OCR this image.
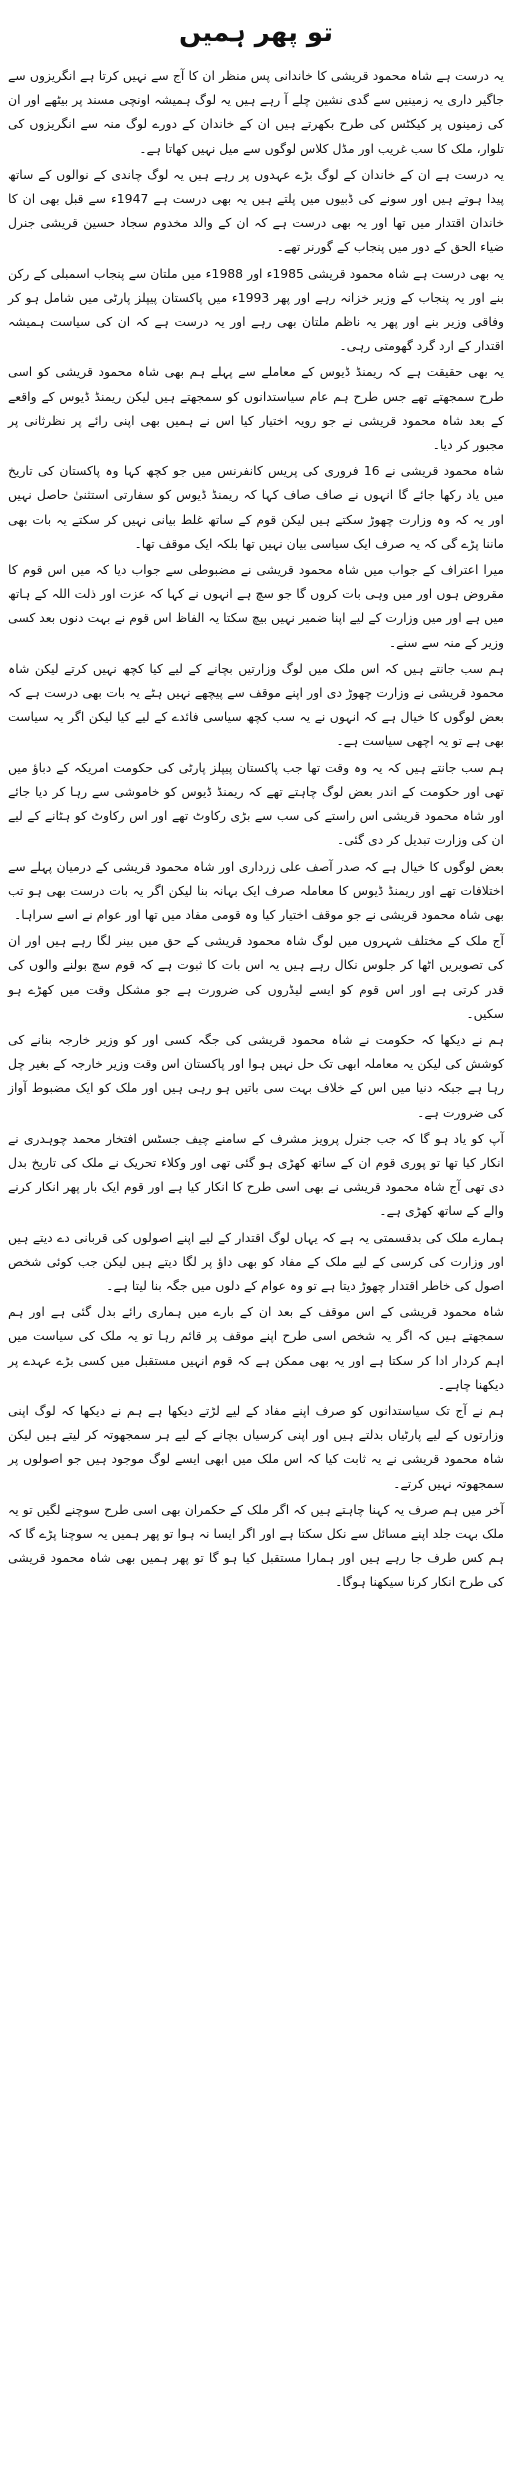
تو پھر ہمیں

یہ درست ہے شاہ محمود قریشی کا خاندانی پس منظر ان کا آج سے نہیں کرتا ہے انگریزوں سے جاگیر داری یہ زمینیں سے گدی نشین چلے آ رہے ہیں یہ لوگ ہمیشہ اونچی مسند پر بیٹھے اور ان کی زمینوں پر کیکٹس کی طرح بکھرتے ہیں ان کے خاندان کے دورے لوگ منہ سے انگریزوں کی تلوار، ملک کا سب غریب اور مڈل کلاس لوگوں سے میل نہیں کھاتا ہے۔

یہ درست ہے ان کے خاندان کے لوگ بڑے عہدوں پر رہے ہیں یہ لوگ چاندی کے نوالوں کے ساتھ پیدا ہوتے ہیں اور سونے کی ڈبیوں میں پلتے ہیں یہ بھی درست ہے 1947ء سے قبل بھی ان کا خاندان اقتدار میں تھا اور یہ بھی درست ہے کہ ان کے والد مخدوم سجاد حسین قریشی جنرل ضیاء الحق کے دور میں پنجاب کے گورنر تھے۔

یہ بھی درست ہے شاہ محمود قریشی 1985ء اور 1988ء میں ملتان سے پنجاب اسمبلی کے رکن بنے اور یہ پنجاب کے وزیر خزانہ رہے اور پھر 1993ء میں پاکستان پیپلز پارٹی میں شامل ہو کر وفاقی وزیر بنے اور پھر یہ ناظم ملتان بھی رہے اور یہ درست ہے کہ ان کی سیاست ہمیشہ اقتدار کے ارد گرد گھومتی رہی۔

یہ بھی حقیقت ہے کہ ریمنڈ ڈیوس کے معاملے سے پہلے ہم بھی شاہ محمود قریشی کو اسی طرح سمجھتے تھے جس طرح ہم عام سیاستدانوں کو سمجھتے ہیں لیکن ریمنڈ ڈیوس کے واقعے کے بعد شاہ محمود قریشی نے جو رویہ اختیار کیا اس نے ہمیں بھی اپنی رائے پر نظرثانی پر مجبور کر دیا۔

شاہ محمود قریشی نے 16 فروری کی پریس کانفرنس میں جو کچھ کہا وہ پاکستان کی تاریخ میں یاد رکھا جائے گا انہوں نے صاف صاف کہا کہ ریمنڈ ڈیوس کو سفارتی استثنیٰ حاصل نہیں اور یہ کہ وہ وزارت چھوڑ سکتے ہیں لیکن قوم کے ساتھ غلط بیانی نہیں کر سکتے یہ بات بھی ماننا پڑے گی کہ یہ صرف ایک سیاسی بیان نہیں تھا بلکہ ایک موقف تھا۔

میرا اعتراف کے جواب میں شاہ محمود قریشی نے مضبوطی سے جواب دیا کہ میں اس قوم کا مقروض ہوں اور میں وہی بات کروں گا جو سچ ہے انہوں نے کہا کہ عزت اور ذلت اللہ کے ہاتھ میں ہے اور میں وزارت کے لیے اپنا ضمیر نہیں بیچ سکتا یہ الفاظ اس قوم نے بہت دنوں بعد کسی وزیر کے منہ سے سنے۔

ہم سب جانتے ہیں کہ اس ملک میں لوگ وزارتیں بچانے کے لیے کیا کچھ نہیں کرتے لیکن شاہ محمود قریشی نے وزارت چھوڑ دی اور اپنے موقف سے پیچھے نہیں ہٹے یہ بات بھی درست ہے کہ بعض لوگوں کا خیال ہے کہ انہوں نے یہ سب کچھ سیاسی فائدے کے لیے کیا لیکن اگر یہ سیاست بھی ہے تو یہ اچھی سیاست ہے۔

ہم سب جانتے ہیں کہ یہ وہ وقت تھا جب پاکستان پیپلز پارٹی کی حکومت امریکہ کے دباؤ میں تھی اور حکومت کے اندر بعض لوگ چاہتے تھے کہ ریمنڈ ڈیوس کو خاموشی سے رہا کر دیا جائے اور شاہ محمود قریشی اس راستے کی سب سے بڑی رکاوٹ تھے اور اس رکاوٹ کو ہٹانے کے لیے ان کی وزارت تبدیل کر دی گئی۔

بعض لوگوں کا خیال ہے کہ صدر آصف علی زرداری اور شاہ محمود قریشی کے درمیان پہلے سے اختلافات تھے اور ریمنڈ ڈیوس کا معاملہ صرف ایک بہانہ بنا لیکن اگر یہ بات درست بھی ہو تب بھی شاہ محمود قریشی نے جو موقف اختیار کیا وہ قومی مفاد میں تھا اور عوام نے اسے سراہا۔

آج ملک کے مختلف شہروں میں لوگ شاہ محمود قریشی کے حق میں بینر لگا رہے ہیں اور ان کی تصویریں اٹھا کر جلوس نکال رہے ہیں یہ اس بات کا ثبوت ہے کہ قوم سچ بولنے والوں کی قدر کرتی ہے اور اس قوم کو ایسے لیڈروں کی ضرورت ہے جو مشکل وقت میں کھڑے ہو سکیں۔

ہم نے دیکھا کہ حکومت نے شاہ محمود قریشی کی جگہ کسی اور کو وزیر خارجہ بنانے کی کوشش کی لیکن یہ معاملہ ابھی تک حل نہیں ہوا اور پاکستان اس وقت وزیر خارجہ کے بغیر چل رہا ہے جبکہ دنیا میں اس کے خلاف بہت سی باتیں ہو رہی ہیں اور ملک کو ایک مضبوط آواز کی ضرورت ہے۔

آپ کو یاد ہو گا کہ جب جنرل پرویز مشرف کے سامنے چیف جسٹس افتخار محمد چوہدری نے انکار کیا تھا تو پوری قوم ان کے ساتھ کھڑی ہو گئی تھی اور وکلاء تحریک نے ملک کی تاریخ بدل دی تھی آج شاہ محمود قریشی نے بھی اسی طرح کا انکار کیا ہے اور قوم ایک بار پھر انکار کرنے والے کے ساتھ کھڑی ہے۔

ہمارے ملک کی بدقسمتی یہ ہے کہ یہاں لوگ اقتدار کے لیے اپنے اصولوں کی قربانی دے دیتے ہیں اور وزارت کی کرسی کے لیے ملک کے مفاد کو بھی داؤ پر لگا دیتے ہیں لیکن جب کوئی شخص اصول کی خاطر اقتدار چھوڑ دیتا ہے تو وہ عوام کے دلوں میں جگہ بنا لیتا ہے۔

شاہ محمود قریشی کے اس موقف کے بعد ان کے بارے میں ہماری رائے بدل گئی ہے اور ہم سمجھتے ہیں کہ اگر یہ شخص اسی طرح اپنے موقف پر قائم رہا تو یہ ملک کی سیاست میں اہم کردار ادا کر سکتا ہے اور یہ بھی ممکن ہے کہ قوم انہیں مستقبل میں کسی بڑے عہدے پر دیکھنا چاہے۔

ہم نے آج تک سیاستدانوں کو صرف اپنے مفاد کے لیے لڑتے دیکھا ہے ہم نے دیکھا کہ لوگ اپنی وزارتوں کے لیے پارٹیاں بدلتے ہیں اور اپنی کرسیاں بچانے کے لیے ہر سمجھوتہ کر لیتے ہیں لیکن شاہ محمود قریشی نے یہ ثابت کیا کہ اس ملک میں ابھی ایسے لوگ موجود ہیں جو اصولوں پر سمجھوتہ نہیں کرتے۔

آخر میں ہم صرف یہ کہنا چاہتے ہیں کہ اگر ملک کے حکمران بھی اسی طرح سوچنے لگیں تو یہ ملک بہت جلد اپنے مسائل سے نکل سکتا ہے اور اگر ایسا نہ ہوا تو پھر ہمیں یہ سوچنا پڑے گا کہ ہم کس طرف جا رہے ہیں اور ہمارا مستقبل کیا ہو گا تو پھر ہمیں بھی شاہ محمود قریشی کی طرح انکار کرنا سیکھنا ہوگا۔
